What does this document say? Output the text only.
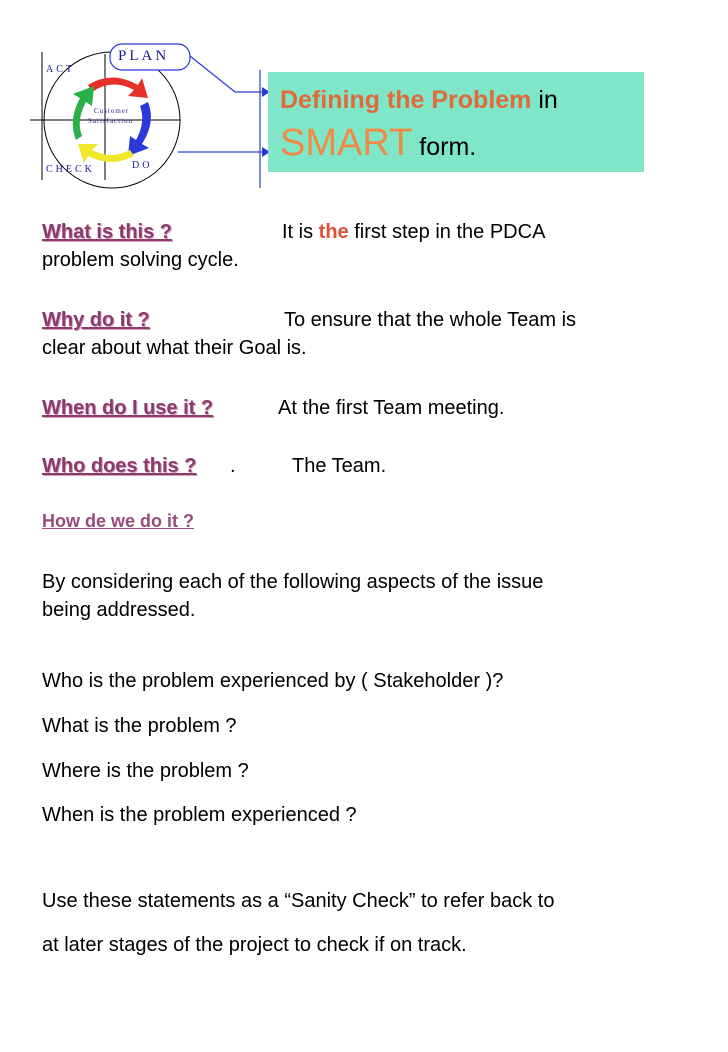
PLAN
ACT
CHECK	DO
Customer
Satisfaction
Defining the Problem in
SMART form.
What is this ?	It is the first step in the PDCA
problem solving cycle.
Why do it ?	To ensure that the whole Team is
clear about what their Goal is.
When do I use it ?	At the first Team meeting.
Who does this ? .	The Team.
How de we do it ?
By considering each of the following aspects of the issue
being addressed.
Who is the problem experienced by ( Stakeholder )?
What is the problem ?
Where is the problem ?
When is the problem experienced ?
Use these statements as a “Sanity Check” to refer back to
at later stages of the project to check if on track.
